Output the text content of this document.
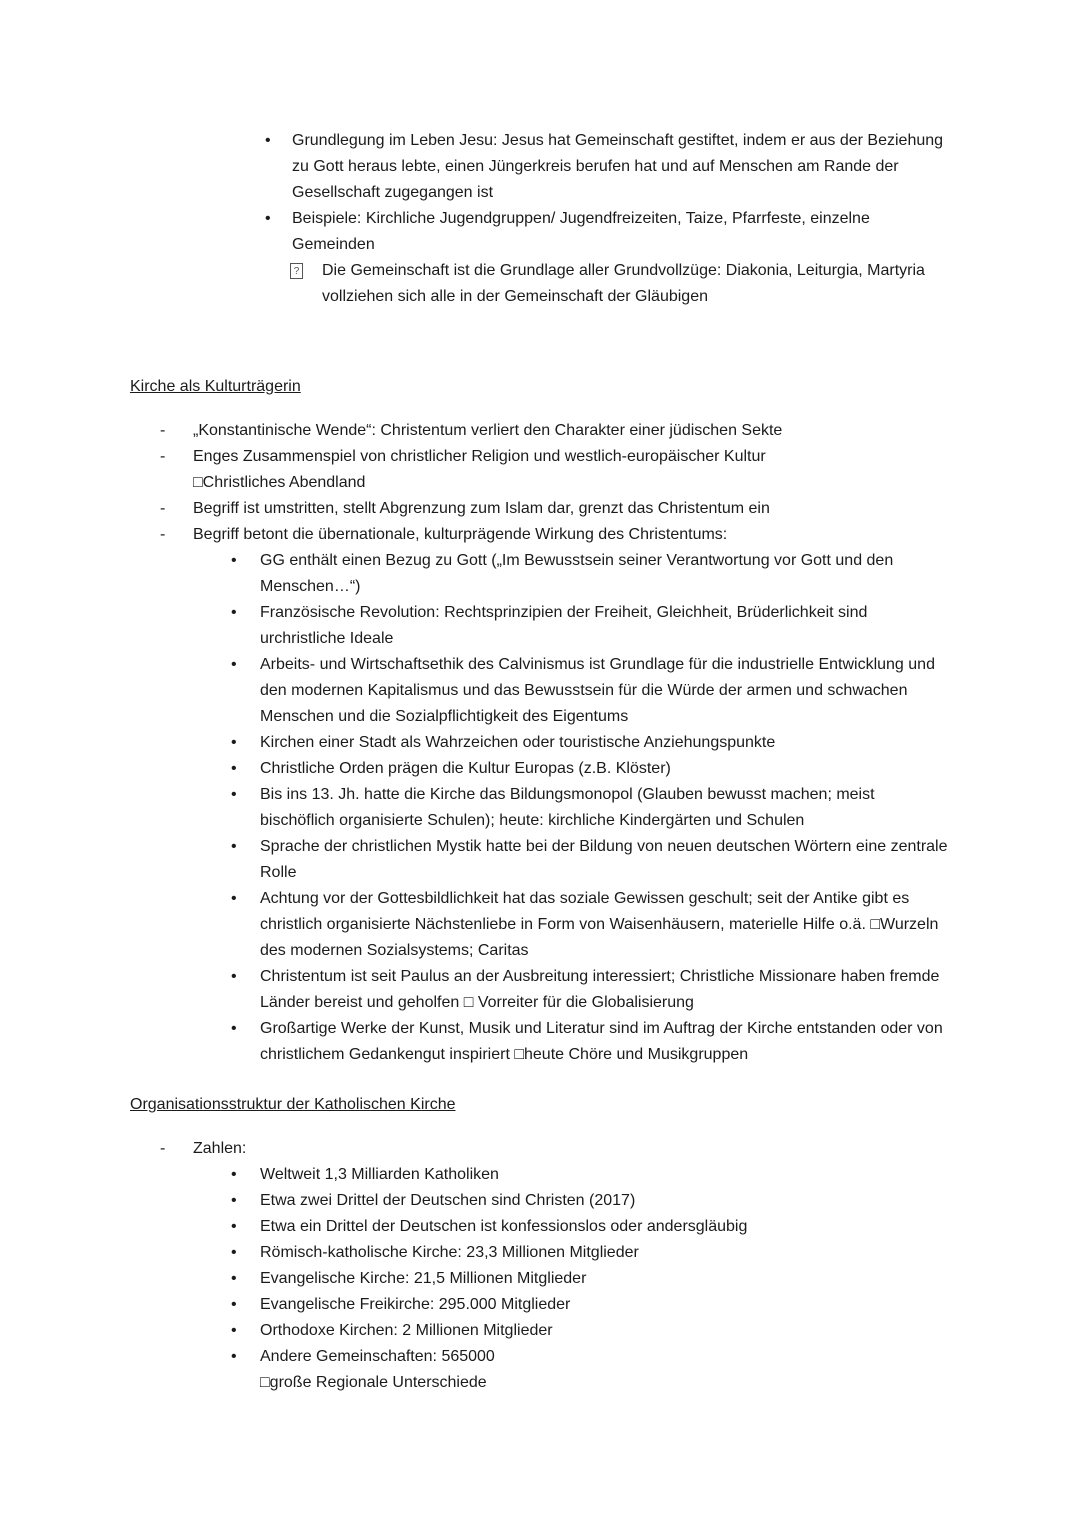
• Grundlegung im Leben Jesu: Jesus hat Gemeinschaft gestiftet, indem er aus der Beziehung zu Gott heraus lebte, einen Jüngerkreis berufen hat und auf Menschen am Rande der Gesellschaft zugegangen ist
• Beispiele: Kirchliche Jugendgruppen/ Jugendfreizeiten, Taize, Pfarrfeste, einzelne Gemeinden
? Die Gemeinschaft ist die Grundlage aller Grundvollzüge: Diakonia, Leiturgia, Martyria vollziehen sich alle in der Gemeinschaft der Gläubigen
Kirche als Kulturträgerin
- „Konstantinische Wende“: Christentum verliert den Charakter einer jüdischen Sekte
- Enges Zusammenspiel von christlicher Religion und westlich-europäischer Kultur
□Christliches Abendland
- Begriff ist umstritten, stellt Abgrenzung zum Islam dar, grenzt das Christentum ein
- Begriff betont die übernationale, kulturprägende Wirkung des Christentums:
• GG enthält einen Bezug zu Gott („Im Bewusstsein seiner Verantwortung vor Gott und den Menschen…“)
• Französische Revolution: Rechtsprinzipien der Freiheit, Gleichheit, Brüderlichkeit sind urchristliche Ideale
• Arbeits- und Wirtschaftsethik des Calvinismus ist Grundlage für die industrielle Entwicklung und den modernen Kapitalismus und das Bewusstsein für die Würde der armen und schwachen Menschen und die Sozialpflichtigkeit des Eigentums
• Kirchen einer Stadt als Wahrzeichen oder touristische Anziehungspunkte
• Christliche Orden prägen die Kultur Europas (z.B. Klöster)
• Bis ins 13. Jh. hatte die Kirche das Bildungsmonopol (Glauben bewusst machen; meist bischöflich organisierte Schulen); heute: kirchliche Kindergärten und Schulen
• Sprache der christlichen Mystik hatte bei der Bildung von neuen deutschen Wörtern eine zentrale Rolle
• Achtung vor der Gottesbildlichkeit hat das soziale Gewissen geschult; seit der Antike gibt es christlich organisierte Nächstenliebe in Form von Waisenhäusern, materielle Hilfe o.ä. □Wurzeln des modernen Sozialsystems; Caritas
• Christentum ist seit Paulus an der Ausbreitung interessiert; Christliche Missionare haben fremde Länder bereist und geholfen □ Vorreiter für die Globalisierung
• Großartige Werke der Kunst, Musik und Literatur sind im Auftrag der Kirche entstanden oder von christlichem Gedankengut inspiriert □heute Chöre und Musikgruppen
Organisationsstruktur der Katholischen Kirche
- Zahlen:
• Weltweit 1,3 Milliarden Katholiken
• Etwa zwei Drittel der Deutschen sind Christen (2017)
• Etwa ein Drittel der Deutschen ist konfessionslos oder andersgläubig
• Römisch-katholische Kirche: 23,3 Millionen Mitglieder
• Evangelische Kirche: 21,5 Millionen Mitglieder
• Evangelische Freikirche: 295.000 Mitglieder
• Orthodoxe Kirchen: 2 Millionen Mitglieder
• Andere Gemeinschaften: 565000
□große Regionale Unterschiede
